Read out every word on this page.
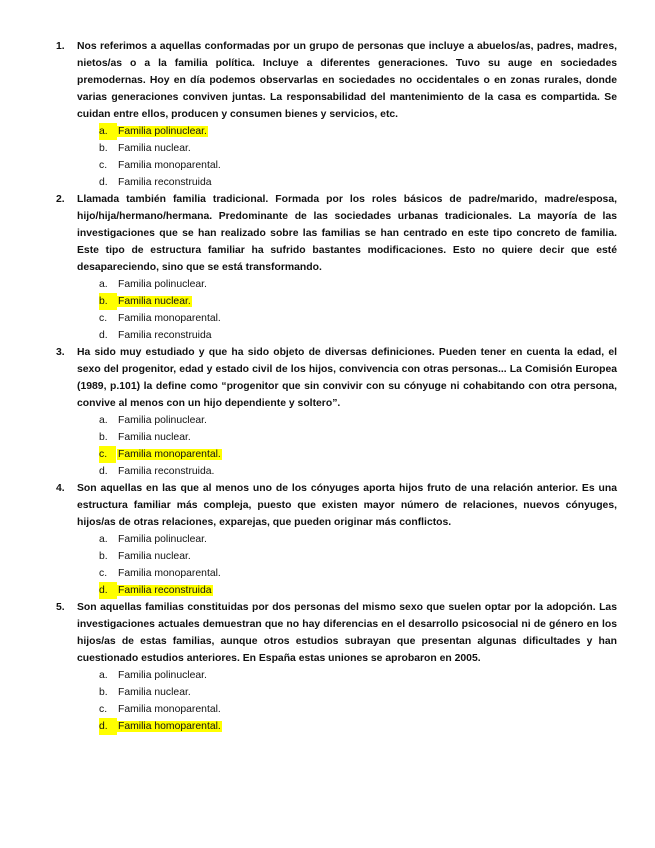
1. Nos referimos a aquellas conformadas por un grupo de personas que incluye a abuelos/as, padres, madres, nietos/as o a la familia política. Incluye a diferentes generaciones. Tuvo su auge en sociedades premodernas. Hoy en día podemos observarlas en sociedades no occidentales o en zonas rurales, donde varias generaciones conviven juntas. La responsabilidad del mantenimiento de la casa es compartida. Se cuidan entre ellos, producen y consumen bienes y servicios, etc.

a. Familia polinuclear.
b. Familia nuclear.
c. Familia monoparental.
d. Familia reconstruida
2. Llamada también familia tradicional. Formada por los roles básicos de padre/marido, madre/esposa, hijo/hija/hermano/hermana. Predominante de las sociedades urbanas tradicionales. La mayoría de las investigaciones que se han realizado sobre las familias se han centrado en este tipo concreto de familia. Este tipo de estructura familiar ha sufrido bastantes modificaciones. Esto no quiere decir que esté desapareciendo, sino que se está transformando.

a. Familia polinuclear.
b. Familia nuclear.
c. Familia monoparental.
d. Familia reconstruida
3. Ha sido muy estudiado y que ha sido objeto de diversas definiciones. Pueden tener en cuenta la edad, el sexo del progenitor, edad y estado civil de los hijos, convivencia con otras personas... La Comisión Europea (1989, p.101) la define como “progenitor que sin convivir con su cónyuge ni cohabitando con otra persona, convive al menos con un hijo dependiente y soltero”.

a. Familia polinuclear.
b. Familia nuclear.
c.	Familia monoparental.
d. Familia reconstruida.
4. Son aquellas en las que al menos uno de los cónyuges aporta hijos fruto de una relación anterior. Es una estructura familiar más compleja, puesto que existen mayor número de relaciones, nuevos cónyuges, hijos/as de otras relaciones, exparejas, que pueden originar más conflictos.

a. Familia polinuclear.
b. Familia nuclear.
c. Familia monoparental.
d. Familia reconstruida
5. Son aquellas familias constituidas por dos personas del mismo sexo que suelen optar por la adopción. Las investigaciones actuales demuestran que no hay diferencias en el desarrollo psicosocial ni de género en los hijos/as de estas familias, aunque otros estudios subrayan que presentan algunas dificultades y han cuestionado estudios anteriores. En España estas uniones se aprobaron en 2005.

a. Familia polinuclear.
b. Familia nuclear.
c. Familia monoparental.
d. Familia homoparental.
